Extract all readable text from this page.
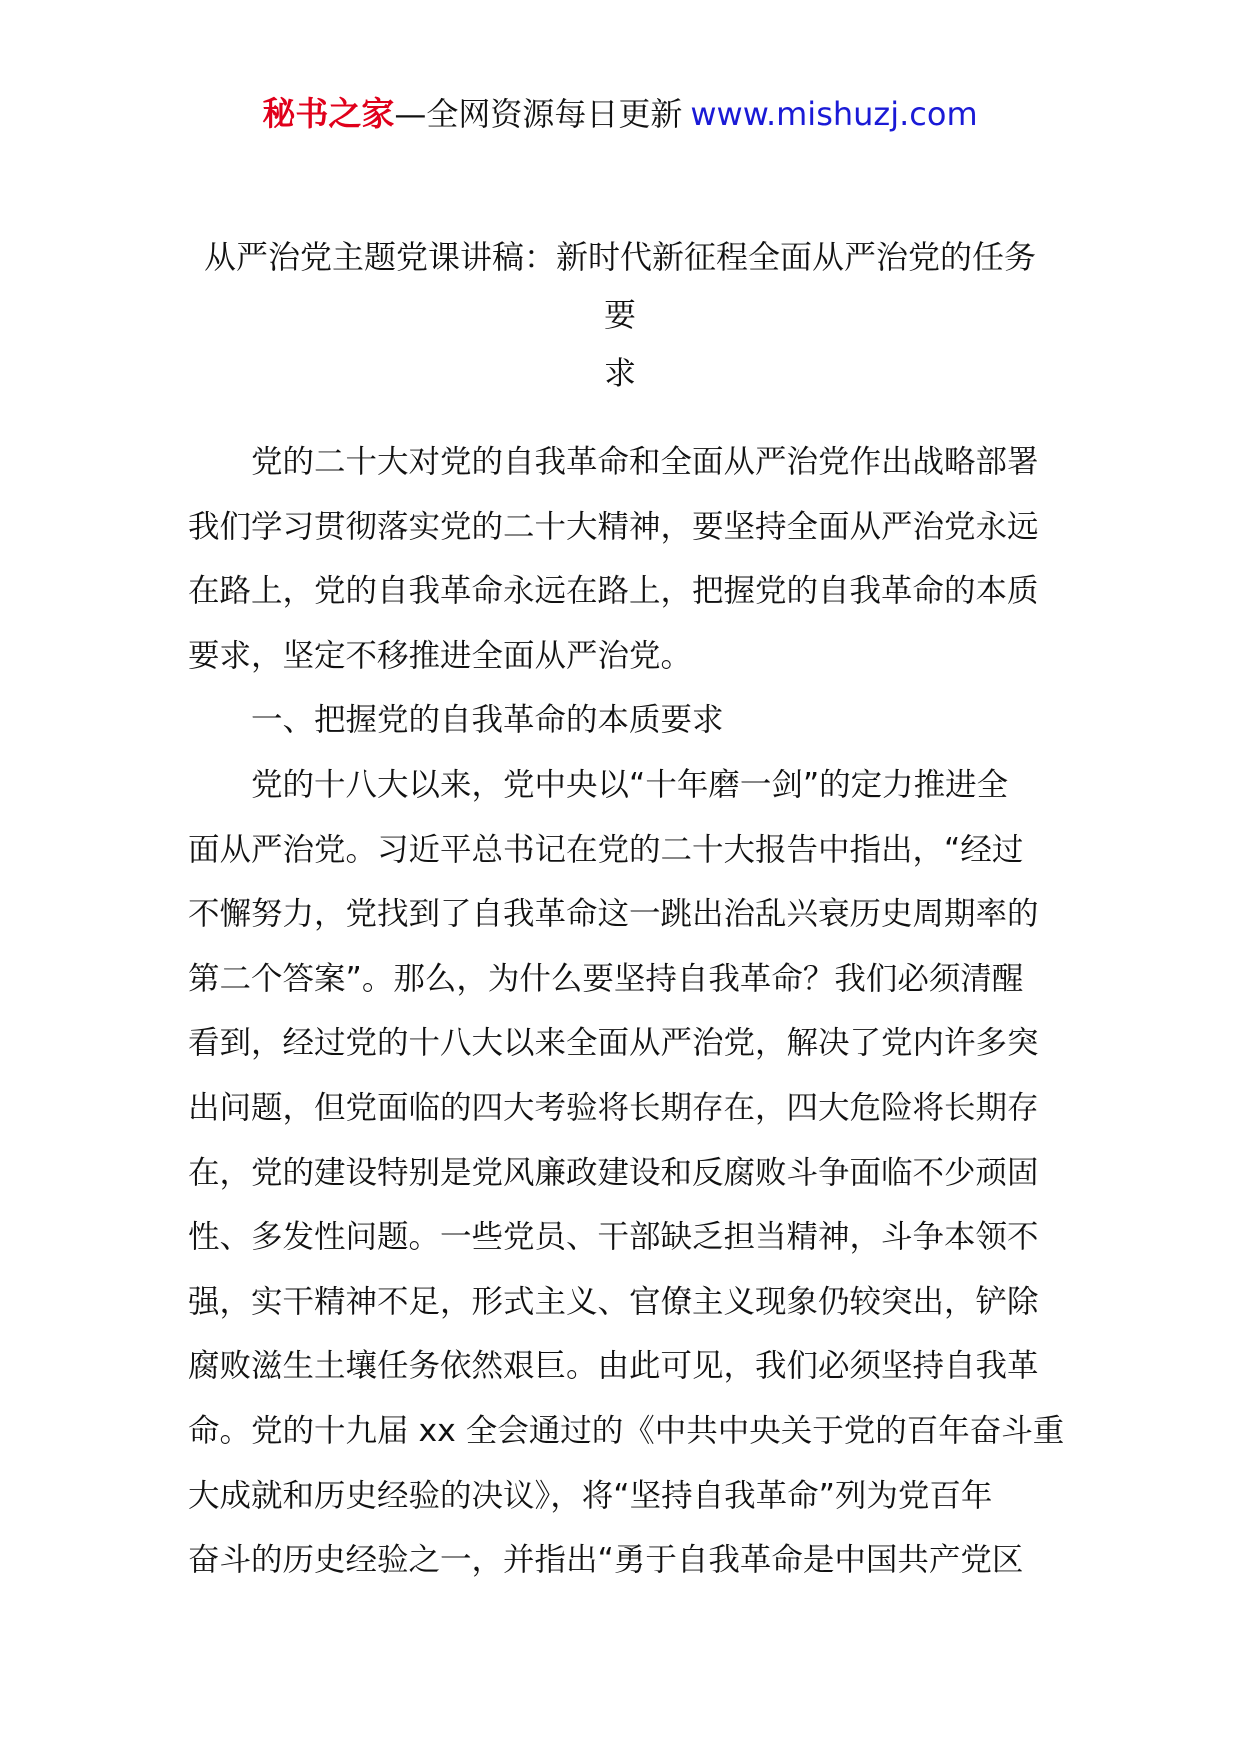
秘书之家—全网资源每日更新 www.mishuzj.com
从严治党主题党课讲稿：新时代新征程全面从严治党的任务要
求
党的二十大对党的自我革命和全面从严治党作出战略部署
我们学习贯彻落实党的二十大精神，要坚持全面从严治党永远
在路上，党的自我革命永远在路上，把握党的自我革命的本质
要求，坚定不移推进全面从严治党。
一、把握党的自我革命的本质要求
党的十八大以来，党中央以“十年磨一剑”的定力推进全
面从严治党。习近平总书记在党的二十大报告中指出，“经过
不懈努力，党找到了自我革命这一跳出治乱兴衰历史周期率的
第二个答案”。那么，为什么要坚持自我革命？我们必须清醒
看到，经过党的十八大以来全面从严治党，解决了党内许多突
出问题，但党面临的四大考验将长期存在，四大危险将长期存
在，党的建设特别是党风廉政建设和反腐败斗争面临不少顽固
性、多发性问题。一些党员、干部缺乏担当精神，斗争本领不
强，实干精神不足，形式主义、官僚主义现象仍较突出，铲除
腐败滋生土壤任务依然艰巨。由此可见，我们必须坚持自我革
命。党的十九届 xx 全会通过的《中共中央关于党的百年奋斗重
大成就和历史经验的决议》，将“坚持自我革命”列为党百年
奋斗的历史经验之一，并指出“勇于自我革命是中国共产党区
